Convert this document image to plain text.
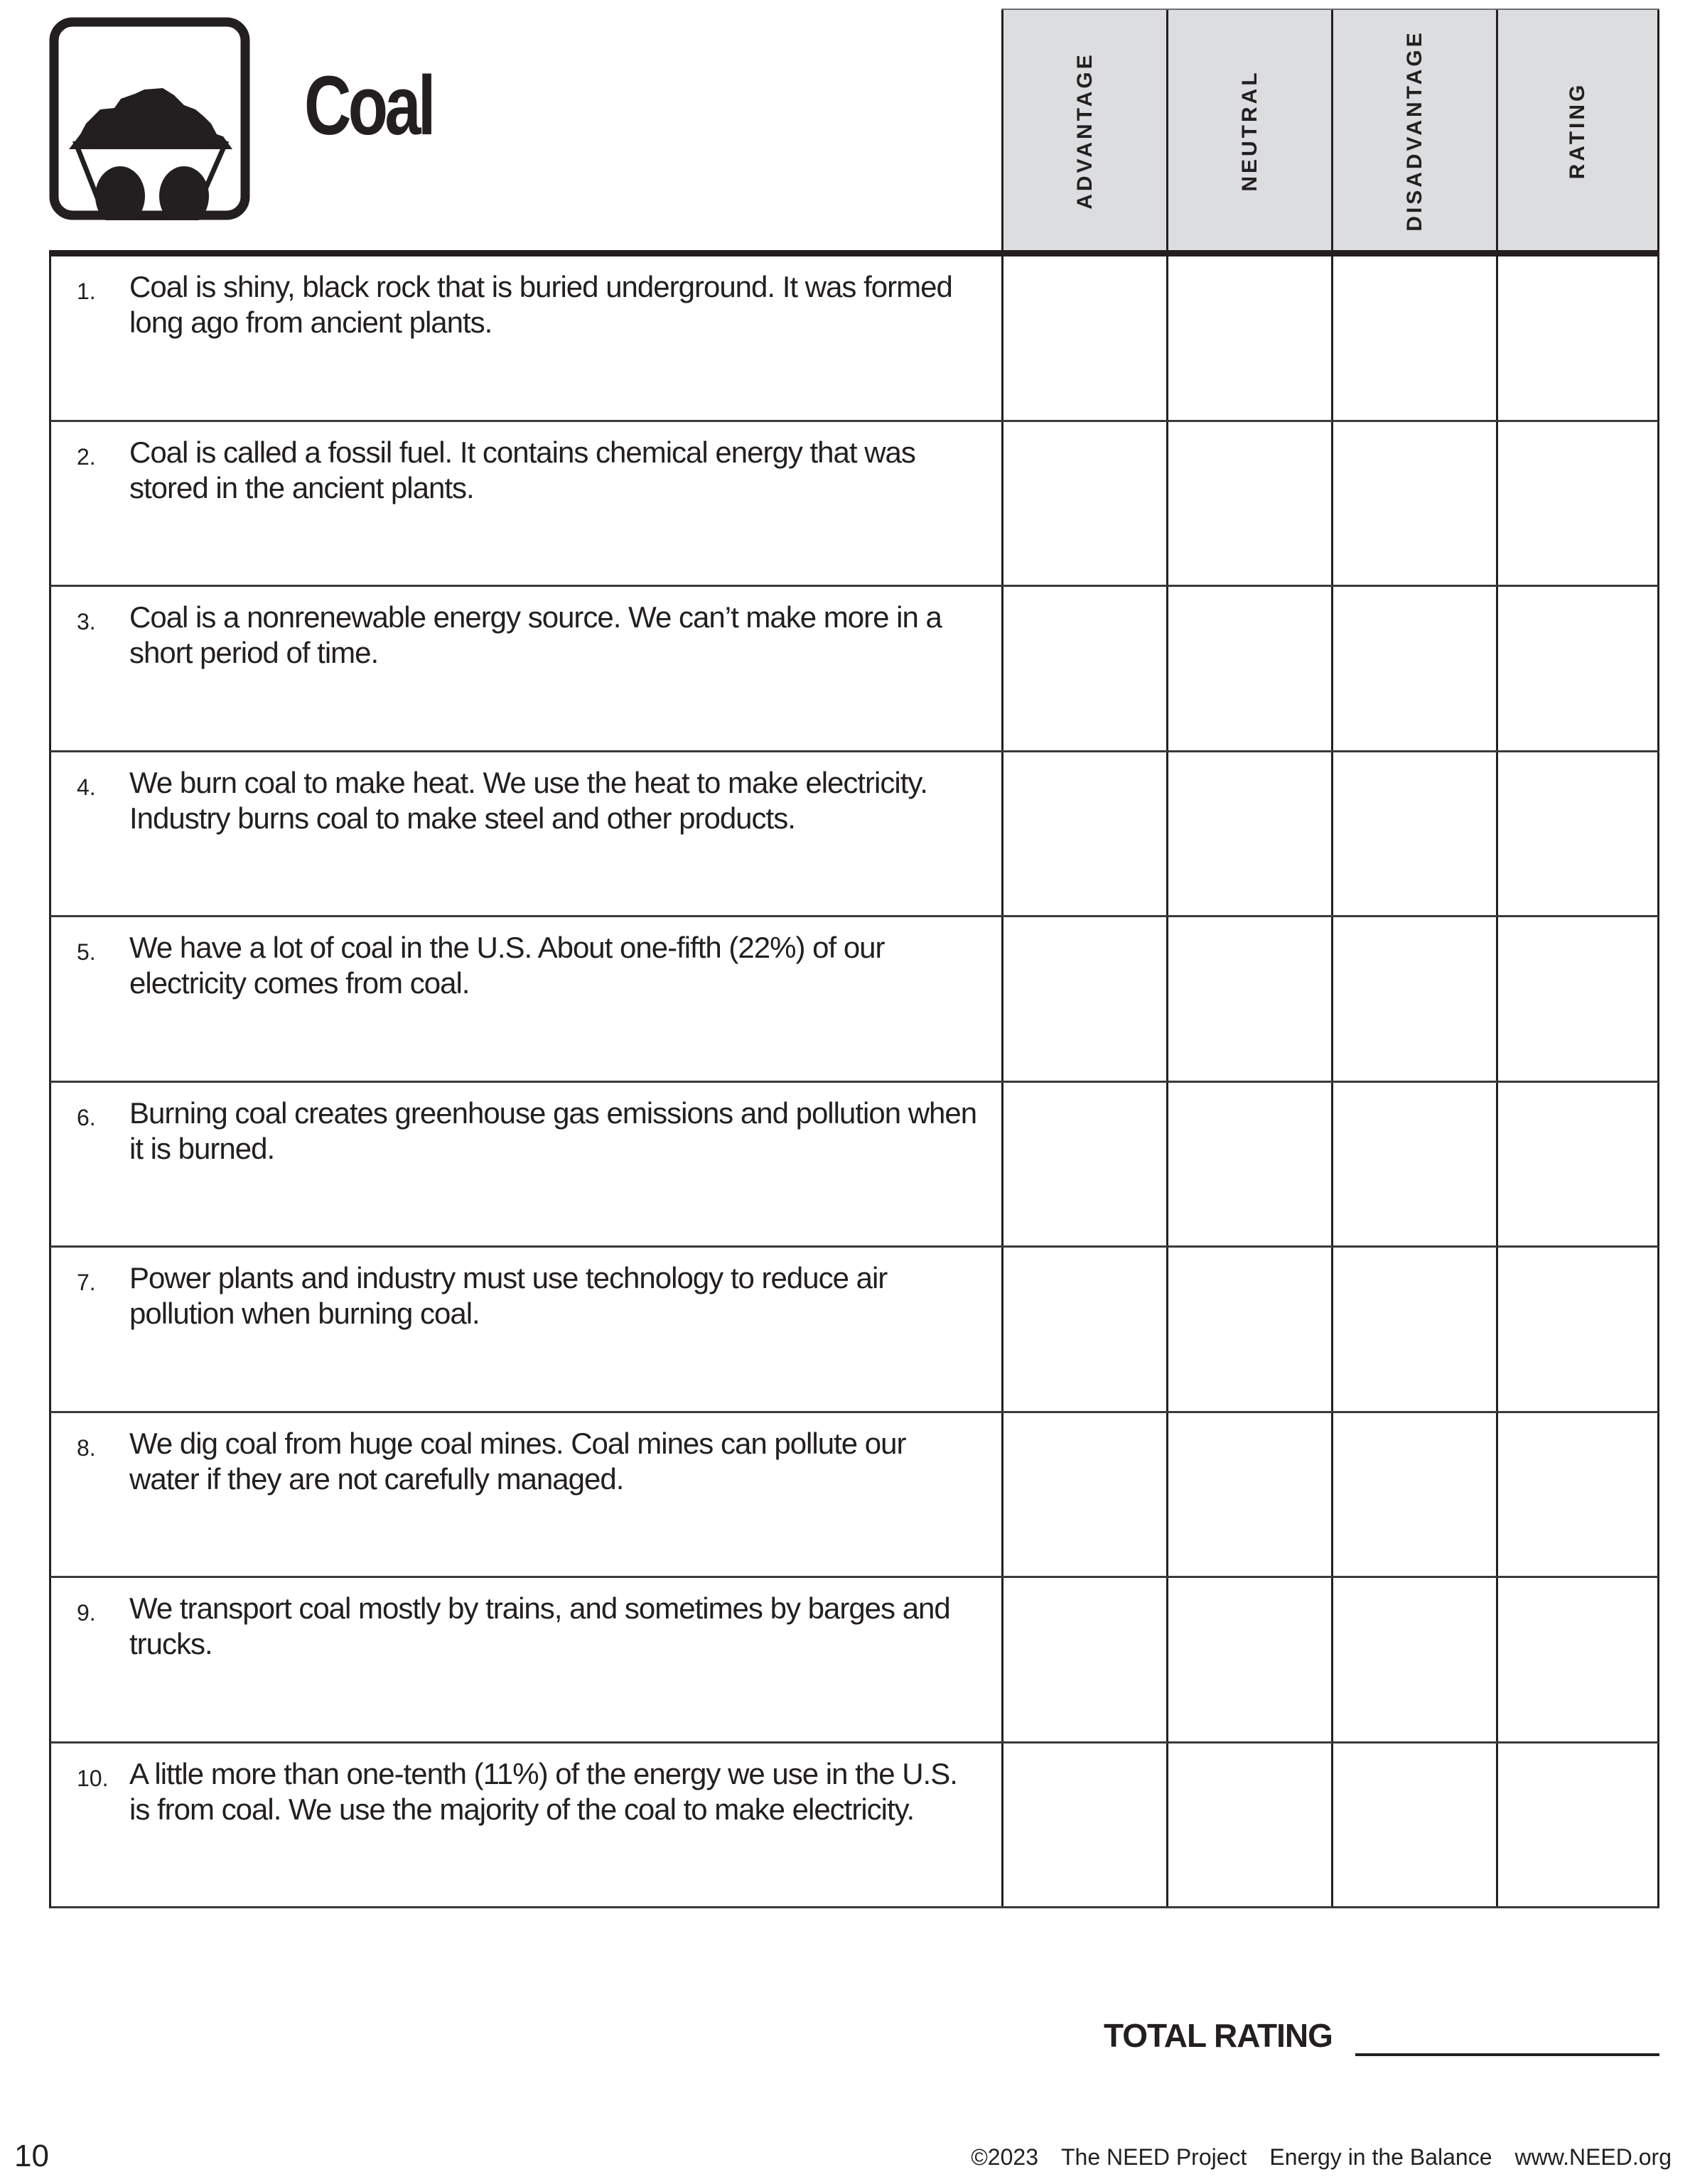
Coal	ADVANTAGE	NEUTRAL	DISADVANTAGE	RATING
1. Coal is shiny, black rock that is buried underground. It was formed long ago from ancient plants.
2. Coal is called a fossil fuel. It contains chemical energy that was stored in the ancient plants.
3. Coal is a nonrenewable energy source. We can’t make more in a short period of time.
4. We burn coal to make heat. We use the heat to make electricity. Industry burns coal to make steel and other products.
5. We have a lot of coal in the U.S. About one-fifth (22%) of our electricity comes from coal.
6. Burning coal creates greenhouse gas emissions and pollution when it is burned.
7. Power plants and industry must use technology to reduce air pollution when burning coal.
8. We dig coal from huge coal mines. Coal mines can pollute our water if they are not carefully managed.
9. We transport coal mostly by trains, and sometimes by barges and trucks.
10. A little more than one-tenth (11%) of the energy we use in the U.S. is from coal. We use the majority of the coal to make electricity.
TOTAL RATING
10	©2023 The NEED Project Energy in the Balance www.NEED.org
